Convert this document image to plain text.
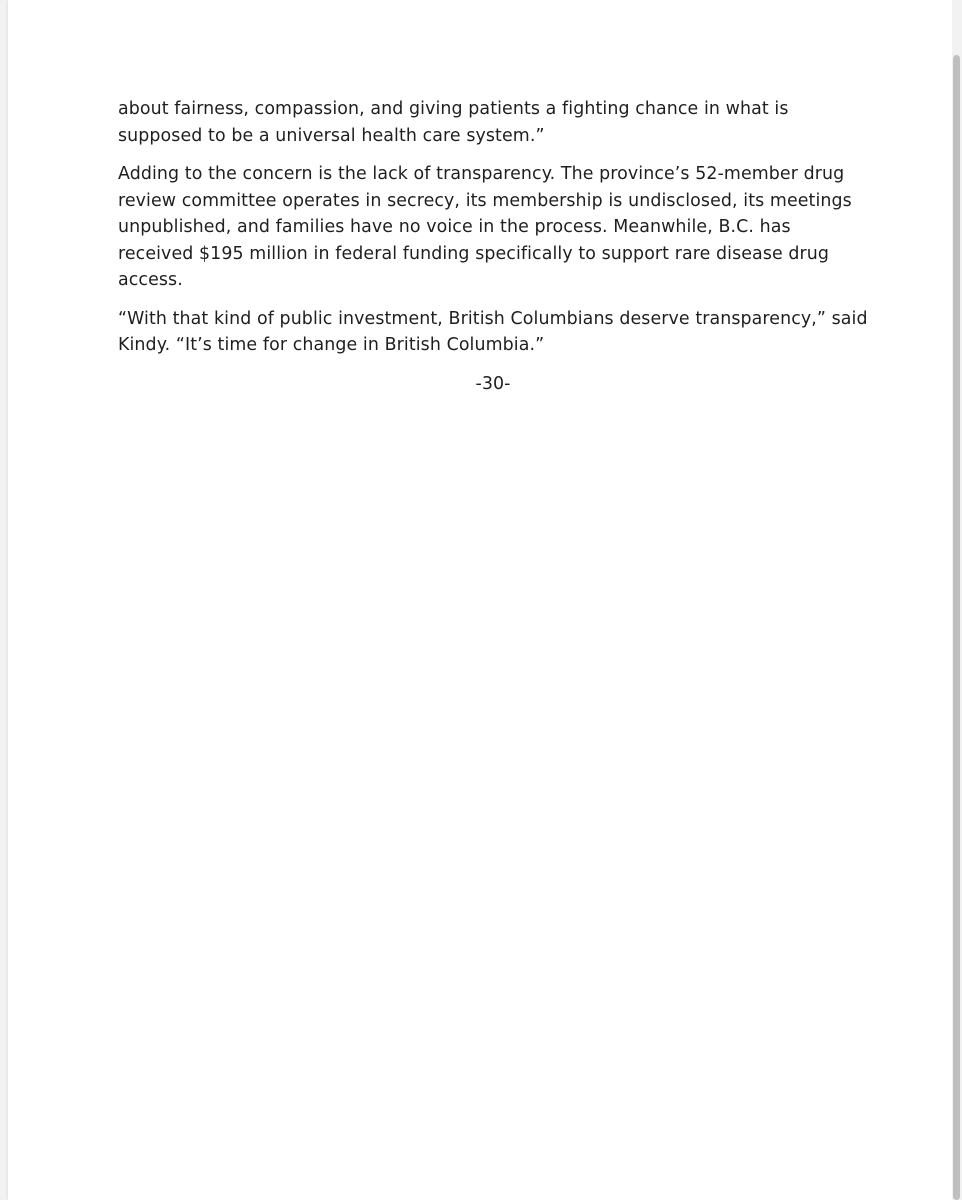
about fairness, compassion, and giving patients a fighting chance in what is supposed to be a universal health care system.”

Adding to the concern is the lack of transparency. The province’s 52-member drug review committee operates in secrecy, its membership is undisclosed, its meetings unpublished, and families have no voice in the process. Meanwhile, B.C. has received $195 million in federal funding specifically to support rare disease drug access.

“With that kind of public investment, British Columbians deserve transparency,” said Kindy. “It’s time for change in British Columbia.”

-30-
